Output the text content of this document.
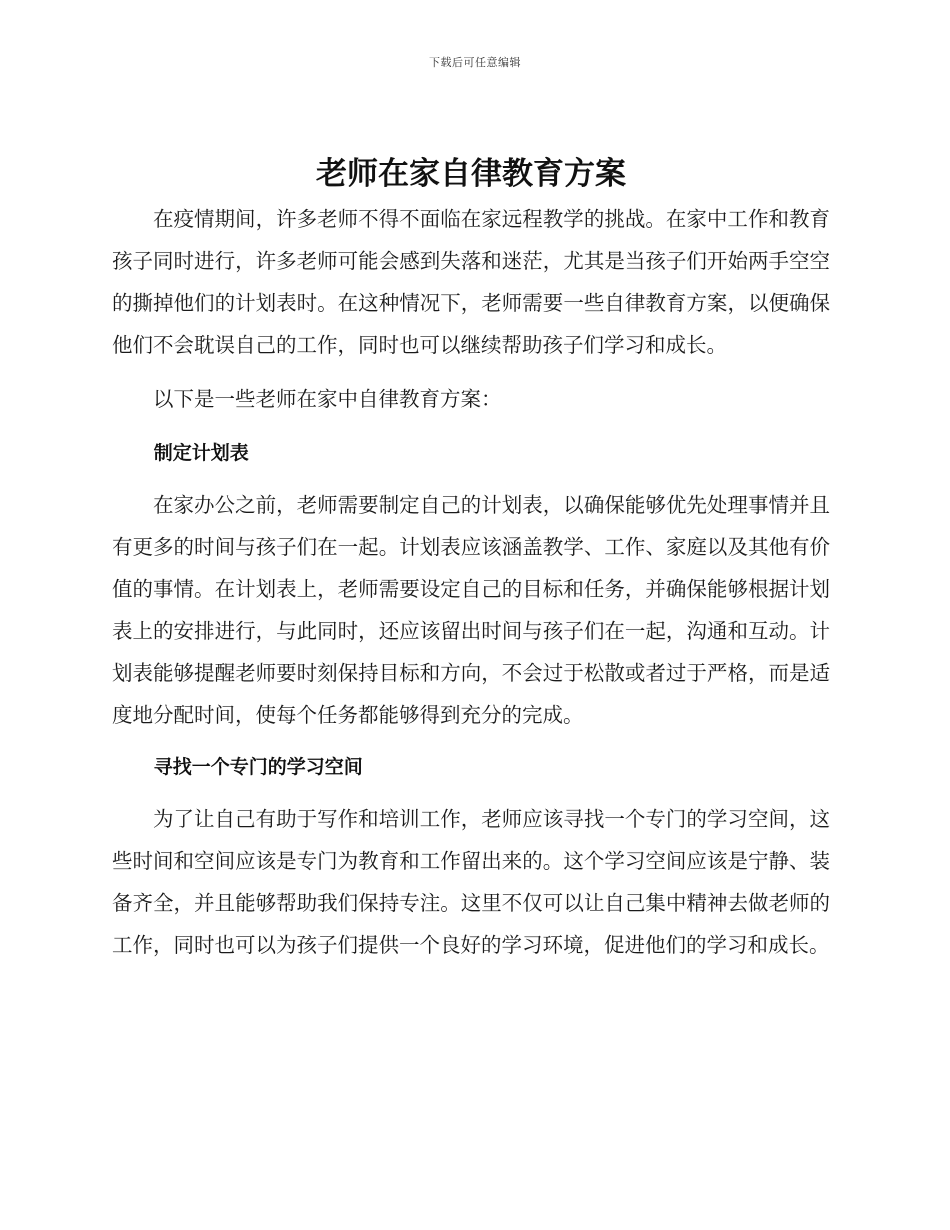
下载后可任意编辑
老师在家自律教育方案

在疫情期间，许多老师不得不面临在家远程教学的挑战。在家中工作和教育孩子同时进行，许多老师可能会感到失落和迷茫，尤其是当孩子们开始两手空空的撕掉他们的计划表时。在这种情况下，老师需要一些自律教育方案，以便确保他们不会耽误自己的工作，同时也可以继续帮助孩子们学习和成长。

以下是一些老师在家中自律教育方案：

制定计划表

在家办公之前，老师需要制定自己的计划表，以确保能够优先处理事情并且有更多的时间与孩子们在一起。计划表应该涵盖教学、工作、家庭以及其他有价值的事情。在计划表上，老师需要设定自己的目标和任务，并确保能够根据计划表上的安排进行，与此同时，还应该留出时间与孩子们在一起，沟通和互动。计划表能够提醒老师要时刻保持目标和方向，不会过于松散或者过于严格，而是适度地分配时间，使每个任务都能够得到充分的完成。

寻找一个专门的学习空间

为了让自己有助于写作和培训工作，老师应该寻找一个专门的学习空间，这些时间和空间应该是专门为教育和工作留出来的。这个学习空间应该是宁静、装备齐全，并且能够帮助我们保持专注。这里不仅可以让自己集中精神去做老师的工作，同时也可以为孩子们提供一个良好的学习环境，促进他们的学习和成长。
